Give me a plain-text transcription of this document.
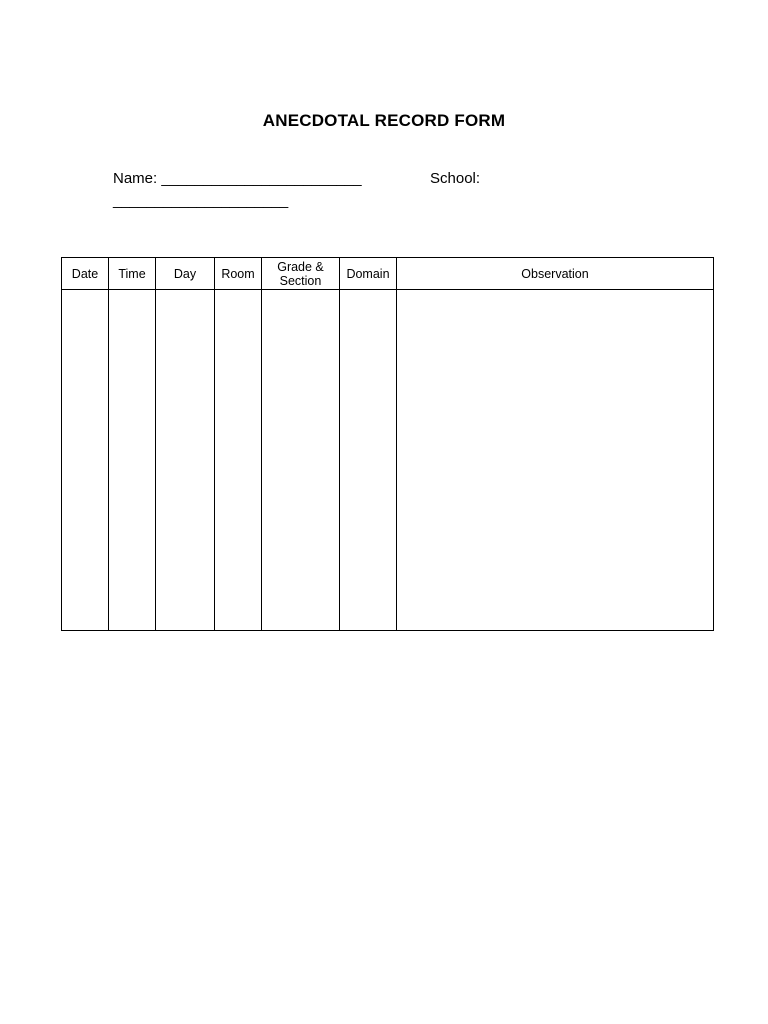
ANECDOTAL RECORD FORM
Name: ________________________	School:
_____________________
Date	Time	Day	Room	Grade & Section	Domain	Observation
